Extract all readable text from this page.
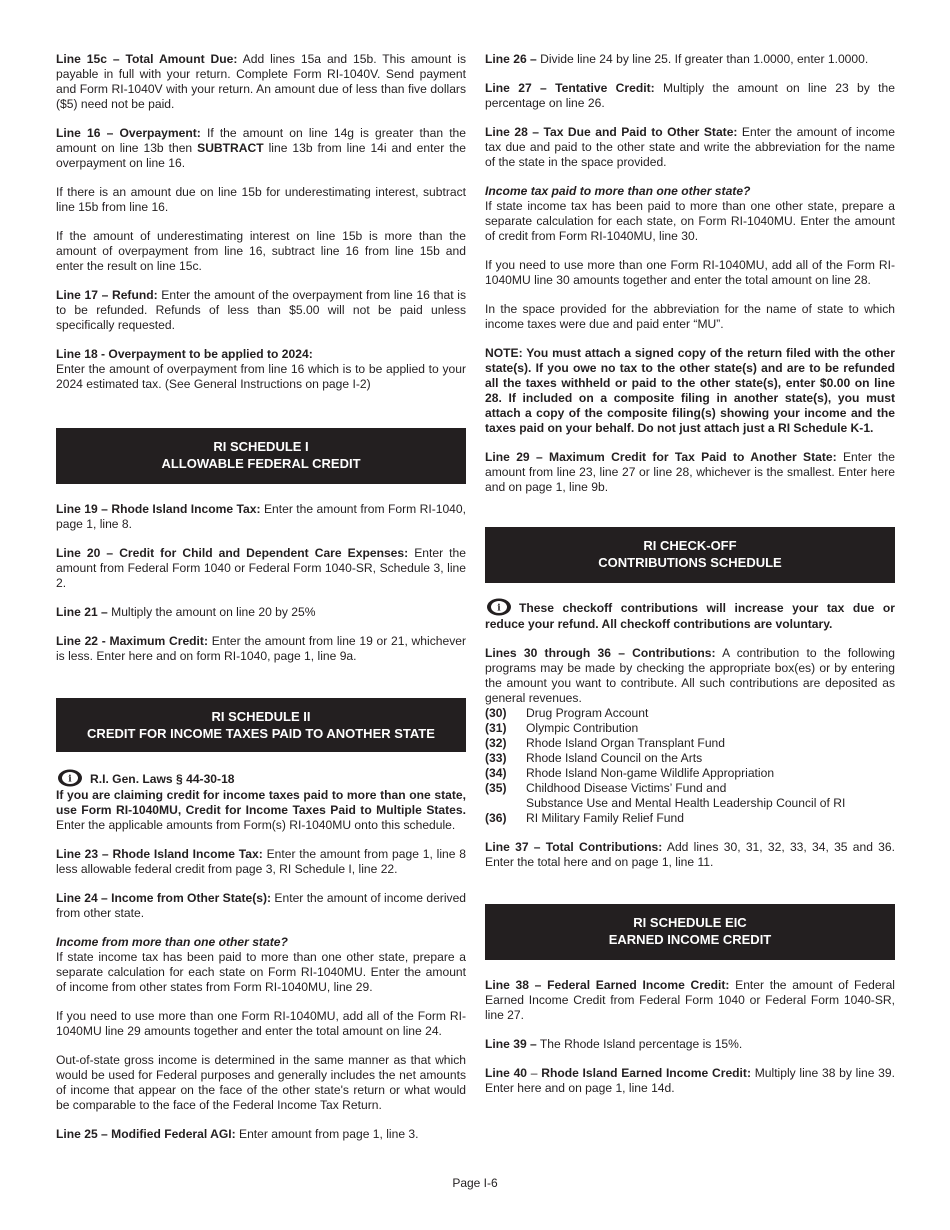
Line 15c – Total Amount Due: Add lines 15a and 15b. This amount is payable in full with your return. Complete Form RI-1040V. Send payment and Form RI-1040V with your return. An amount due of less than five dollars ($5) need not be paid.

Line 16 – Overpayment: If the amount on line 14g is greater than the amount on line 13b then SUBTRACT line 13b from line 14i and enter the overpayment on line 16.

If there is an amount due on line 15b for underestimating interest, subtract line 15b from line 16.

If the amount of underestimating interest on line 15b is more than the amount of overpayment from line 16, subtract line 16 from line 15b and enter the result on line 15c.

Line 17 – Refund: Enter the amount of the overpayment from line 16 that is to be refunded. Refunds of less than $5.00 will not be paid unless specifically requested.

Line 18 - Overpayment to be applied to 2024:
Enter the amount of overpayment from line 16 which is to be applied to your 2024 estimated tax. (See General Instructions on page I-2)

RI SCHEDULE I
ALLOWABLE FEDERAL CREDIT

Line 19 – Rhode Island Income Tax: Enter the amount from Form RI-1040, page 1, line 8.

Line 20 – Credit for Child and Dependent Care Expenses: Enter the amount from Federal Form 1040 or Federal Form 1040-SR, Schedule 3, line 2.

Line 21 – Multiply the amount on line 20 by 25%

Line 22 - Maximum Credit: Enter the amount from line 19 or 21, whichever is less. Enter here and on form RI-1040, page 1, line 9a.

RI SCHEDULE II
CREDIT FOR INCOME TAXES PAID TO ANOTHER STATE

i R.I. Gen. Laws § 44-30-18
If you are claiming credit for income taxes paid to more than one state, use Form RI-1040MU, Credit for Income Taxes Paid to Multiple States. Enter the applicable amounts from Form(s) RI-1040MU onto this schedule.

Line 23 – Rhode Island Income Tax: Enter the amount from page 1, line 8 less allowable federal credit from page 3, RI Schedule I, line 22.

Line 24 – Income from Other State(s): Enter the amount of income derived from other state.

Income from more than one other state?
If state income tax has been paid to more than one other state, prepare a separate calculation for each state on Form RI-1040MU. Enter the amount of income from other states from Form RI-1040MU, line 29.

If you need to use more than one Form RI-1040MU, add all of the Form RI-1040MU line 29 amounts together and enter the total amount on line 24.

Out-of-state gross income is determined in the same manner as that which would be used for Federal purposes and generally includes the net amounts of income that appear on the face of the other state's return or what would be comparable to the face of the Federal Income Tax Return.

Line 25 – Modified Federal AGI: Enter amount from page 1, line 3.

Line 26 – Divide line 24 by line 25. If greater than 1.0000, enter 1.0000.

Line 27 – Tentative Credit: Multiply the amount on line 23 by the percentage on line 26.

Line 28 – Tax Due and Paid to Other State: Enter the amount of income tax due and paid to the other state and write the abbreviation for the name of the state in the space provided.

Income tax paid to more than one other state?
If state income tax has been paid to more than one other state, prepare a separate calculation for each state, on Form RI-1040MU. Enter the amount of credit from Form RI-1040MU, line 30.

If you need to use more than one Form RI-1040MU, add all of the Form RI-1040MU line 30 amounts together and enter the total amount on line 28.

In the space provided for the abbreviation for the name of state to which income taxes were due and paid enter “MU”.

NOTE: You must attach a signed copy of the return filed with the other state(s). If you owe no tax to the other state(s) and are to be refunded all the taxes withheld or paid to the other state(s), enter $0.00 on line 28. If included on a composite filing in another state(s), you must attach a copy of the composite filing(s) showing your income and the taxes paid on your behalf. Do not just attach just a RI Schedule K-1.

Line 29 – Maximum Credit for Tax Paid to Another State: Enter the amount from line 23, line 27 or line 28, whichever is the smallest. Enter here and on page 1, line 9b.

RI CHECK-OFF
CONTRIBUTIONS SCHEDULE

i These checkoff contributions will increase your tax due or reduce your refund. All checkoff contributions are voluntary.

Lines 30 through 36 – Contributions: A contribution to the following programs may be made by checking the appropriate box(es) or by entering the amount you want to contribute. All such contributions are deposited as general revenues.

(30)	Drug Program Account
(31)	Olympic Contribution
(32)	Rhode Island Organ Transplant Fund
(33)	Rhode Island Council on the Arts
(34)	Rhode Island Non-game Wildlife Appropriation
(35)	Childhood Disease Victims’ Fund and
Substance Use and Mental Health Leadership Council of RI
(36)	RI Military Family Relief Fund

Line 37 – Total Contributions: Add lines 30, 31, 32, 33, 34, 35 and 36. Enter the total here and on page 1, line 11.

RI SCHEDULE EIC
EARNED INCOME CREDIT

Line 38 – Federal Earned Income Credit: Enter the amount of Federal Earned Income Credit from Federal Form 1040 or Federal Form 1040-SR, line 27.

Line 39 – The Rhode Island percentage is 15%.

Line 40 – Rhode Island Earned Income Credit: Multiply line 38 by line 39. Enter here and on page 1, line 14d.

Page I-6
